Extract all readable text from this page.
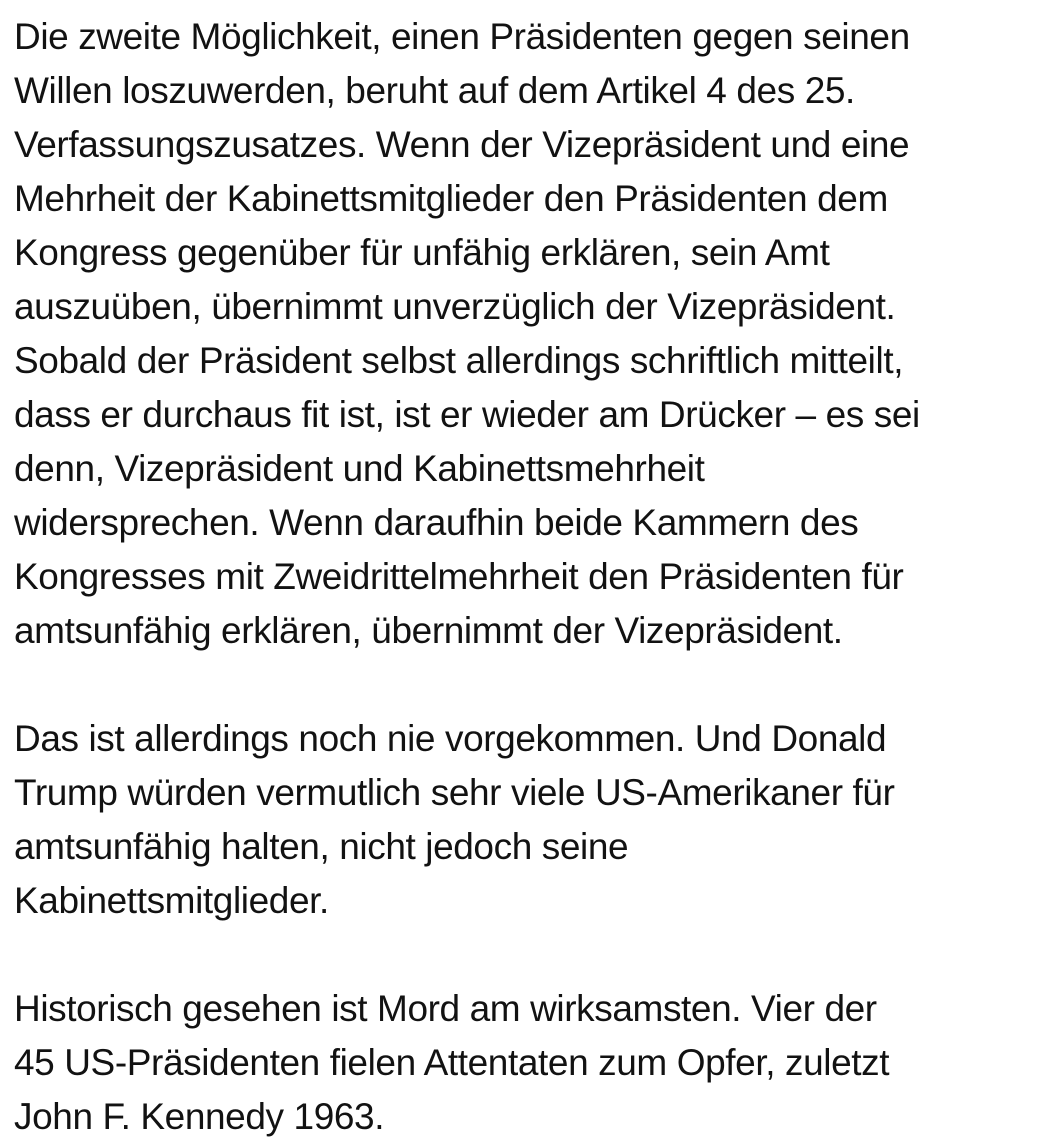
Die zweite Möglichkeit, einen Präsidenten gegen seinen
Willen loszuwerden, beruht auf dem Artikel 4 des 25.
Verfassungszusatzes. Wenn der Vizepräsident und eine
Mehrheit der Kabinettsmitglieder den Präsidenten dem
Kongress gegenüber für unfähig erklären, sein Amt
auszuüben, übernimmt unverzüglich der Vizepräsident.
Sobald der Präsident selbst allerdings schriftlich mitteilt,
dass er durchaus fit ist, ist er wieder am Drücker – es sei
denn, Vizepräsident und Kabinettsmehrheit
widersprechen. Wenn daraufhin beide Kammern des
Kongresses mit Zweidrittelmehrheit den Präsidenten für
amtsunfähig erklären, übernimmt der Vizepräsident.

Das ist allerdings noch nie vorgekommen. Und Donald
Trump würden vermutlich sehr viele US-Amerikaner für
amtsunfähig halten, nicht jedoch seine
Kabinettsmitglieder.

Historisch gesehen ist Mord am wirksamsten. Vier der
45 US-Präsidenten fielen Attentaten zum Opfer, zuletzt
John F. Kennedy 1963.
